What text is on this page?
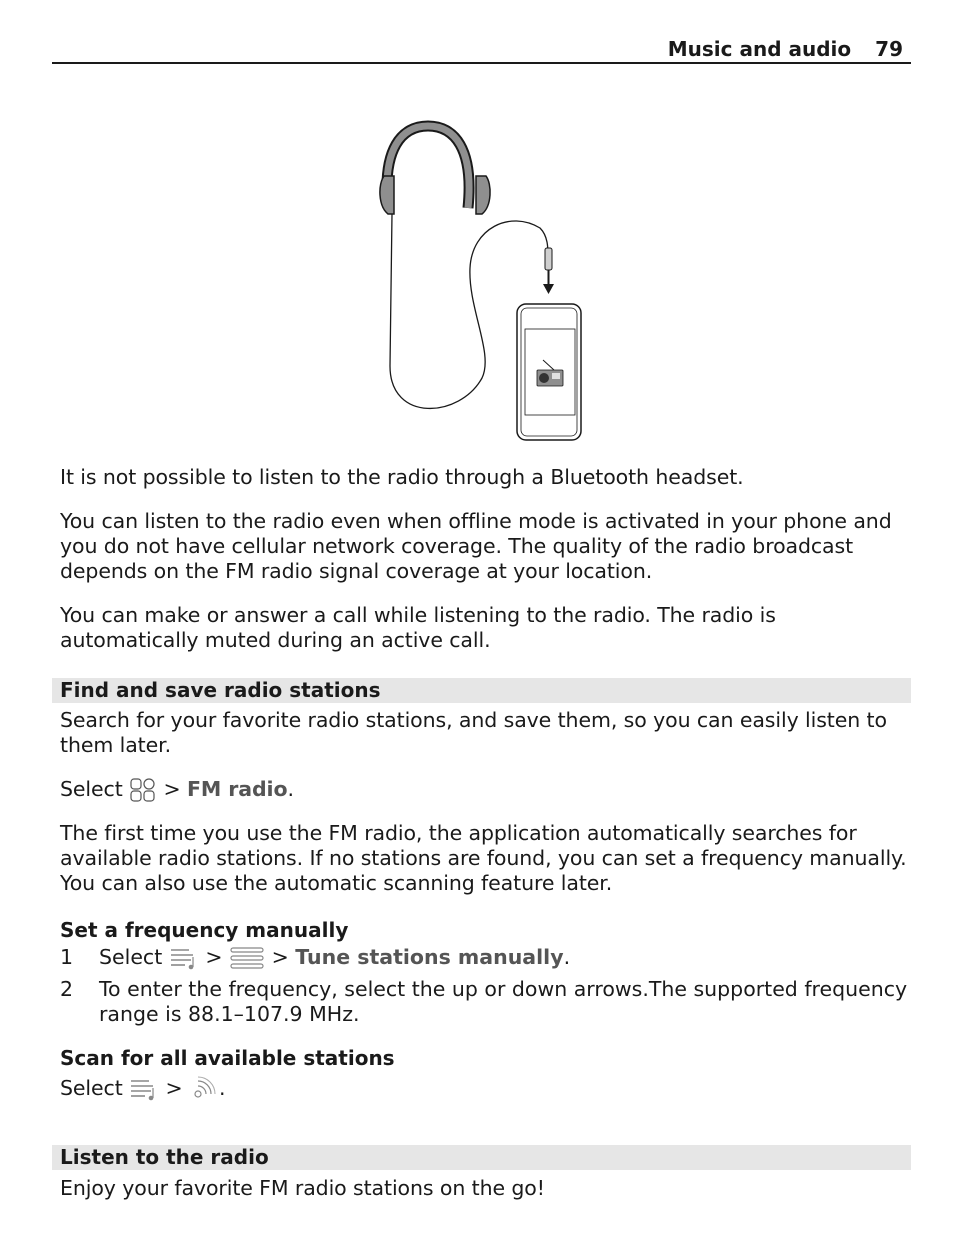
Music and audio 79

It is not possible to listen to the radio through a Bluetooth headset.

You can listen to the radio even when offline mode is activated in your phone and you do not have cellular network coverage. The quality of the radio broadcast depends on the FM radio signal coverage at your location.

You can make or answer a call while listening to the radio. The radio is automatically muted during an active call.

Find and save radio stations

Search for your favorite radio stations, and save them, so you can easily listen to them later.

Select > FM radio.

The first time you use the FM radio, the application automatically searches for available radio stations. If no stations are found, you can set a frequency manually. You can also use the automatic scanning feature later.

Set a frequency manually
1 Select > > Tune stations manually.

2 To enter the frequency, select the up or down arrows.The supported frequency range is 88.1–107.9 MHz.

Scan for all available stations

Select > .

Listen to the radio

Enjoy your favorite FM radio stations on the go!
